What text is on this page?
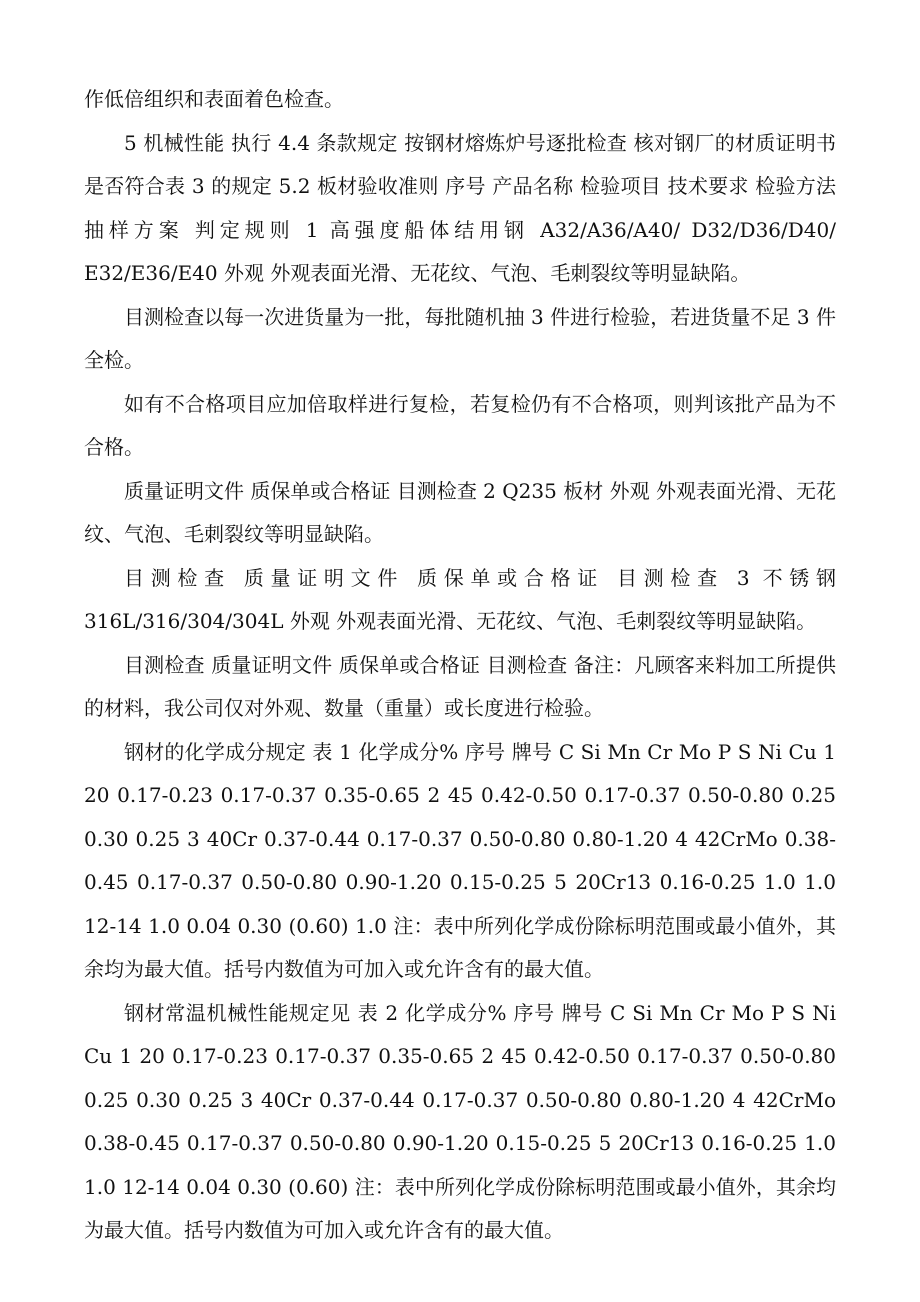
作低倍组织和表面着色检查。

5 机械性能 执行 4.4 条款规定 按钢材熔炼炉号逐批检查 核对钢厂的材质证明书是否符合表 3 的规定 5.2 板材验收准则 序号 产品名称 检验项目 技术要求 检验方法 抽样方案 判定规则 1 高强度船体结用钢 A32/A36/A40/ D32/D36/D40/ E32/E36/E40 外观 外观表面光滑、无花纹、气泡、毛刺裂纹等明显缺陷。

目测检查以每一次进货量为一批，每批随机抽 3 件进行检验，若进货量不足 3 件全检。

如有不合格项目应加倍取样进行复检，若复检仍有不合格项，则判该批产品为不合格。

质量证明文件 质保单或合格证 目测检查 2 Q235 板材 外观 外观表面光滑、无花纹、气泡、毛刺裂纹等明显缺陷。

目测检查 质量证明文件 质保单或合格证 目测检查 3 不锈钢 316L/316/304/304L 外观 外观表面光滑、无花纹、气泡、毛刺裂纹等明显缺陷。

目测检查 质量证明文件 质保单或合格证 目测检查 备注：凡顾客来料加工所提供的材料，我公司仅对外观、数量（重量）或长度进行检验。

钢材的化学成分规定 表 1 化学成分% 序号 牌号 C Si Mn Cr Mo P S Ni Cu 1 20 0.17-0.23 0.17-0.37 0.35-0.65 2 45 0.42-0.50 0.17-0.37 0.50-0.80 0.25 0.30 0.25 3 40Cr 0.37-0.44 0.17-0.37 0.50-0.80 0.80-1.20 4 42CrMo 0.38-0.45 0.17-0.37 0.50-0.80 0.90-1.20 0.15-0.25 5 20Cr13 0.16-0.25 1.0 1.0 12-14 1.0 0.04 0.30 (0.60) 1.0 注：表中所列化学成份除标明范围或最小值外，其余均为最大值。括号内数值为可加入或允许含有的最大值。

钢材常温机械性能规定见 表 2 化学成分% 序号 牌号 C Si Mn Cr Mo P S Ni Cu 1 20 0.17-0.23 0.17-0.37 0.35-0.65 2 45 0.42-0.50 0.17-0.37 0.50-0.80 0.25 0.30 0.25 3 40Cr 0.37-0.44 0.17-0.37 0.50-0.80 0.80-1.20 4 42CrMo 0.38-0.45 0.17-0.37 0.50-0.80 0.90-1.20 0.15-0.25 5 20Cr13 0.16-0.25 1.0 1.0 12-14 0.04 0.30 (0.60) 注：表中所列化学成份除标明范围或最小值外，其余均为最大值。括号内数值为可加入或允许含有的最大值。
